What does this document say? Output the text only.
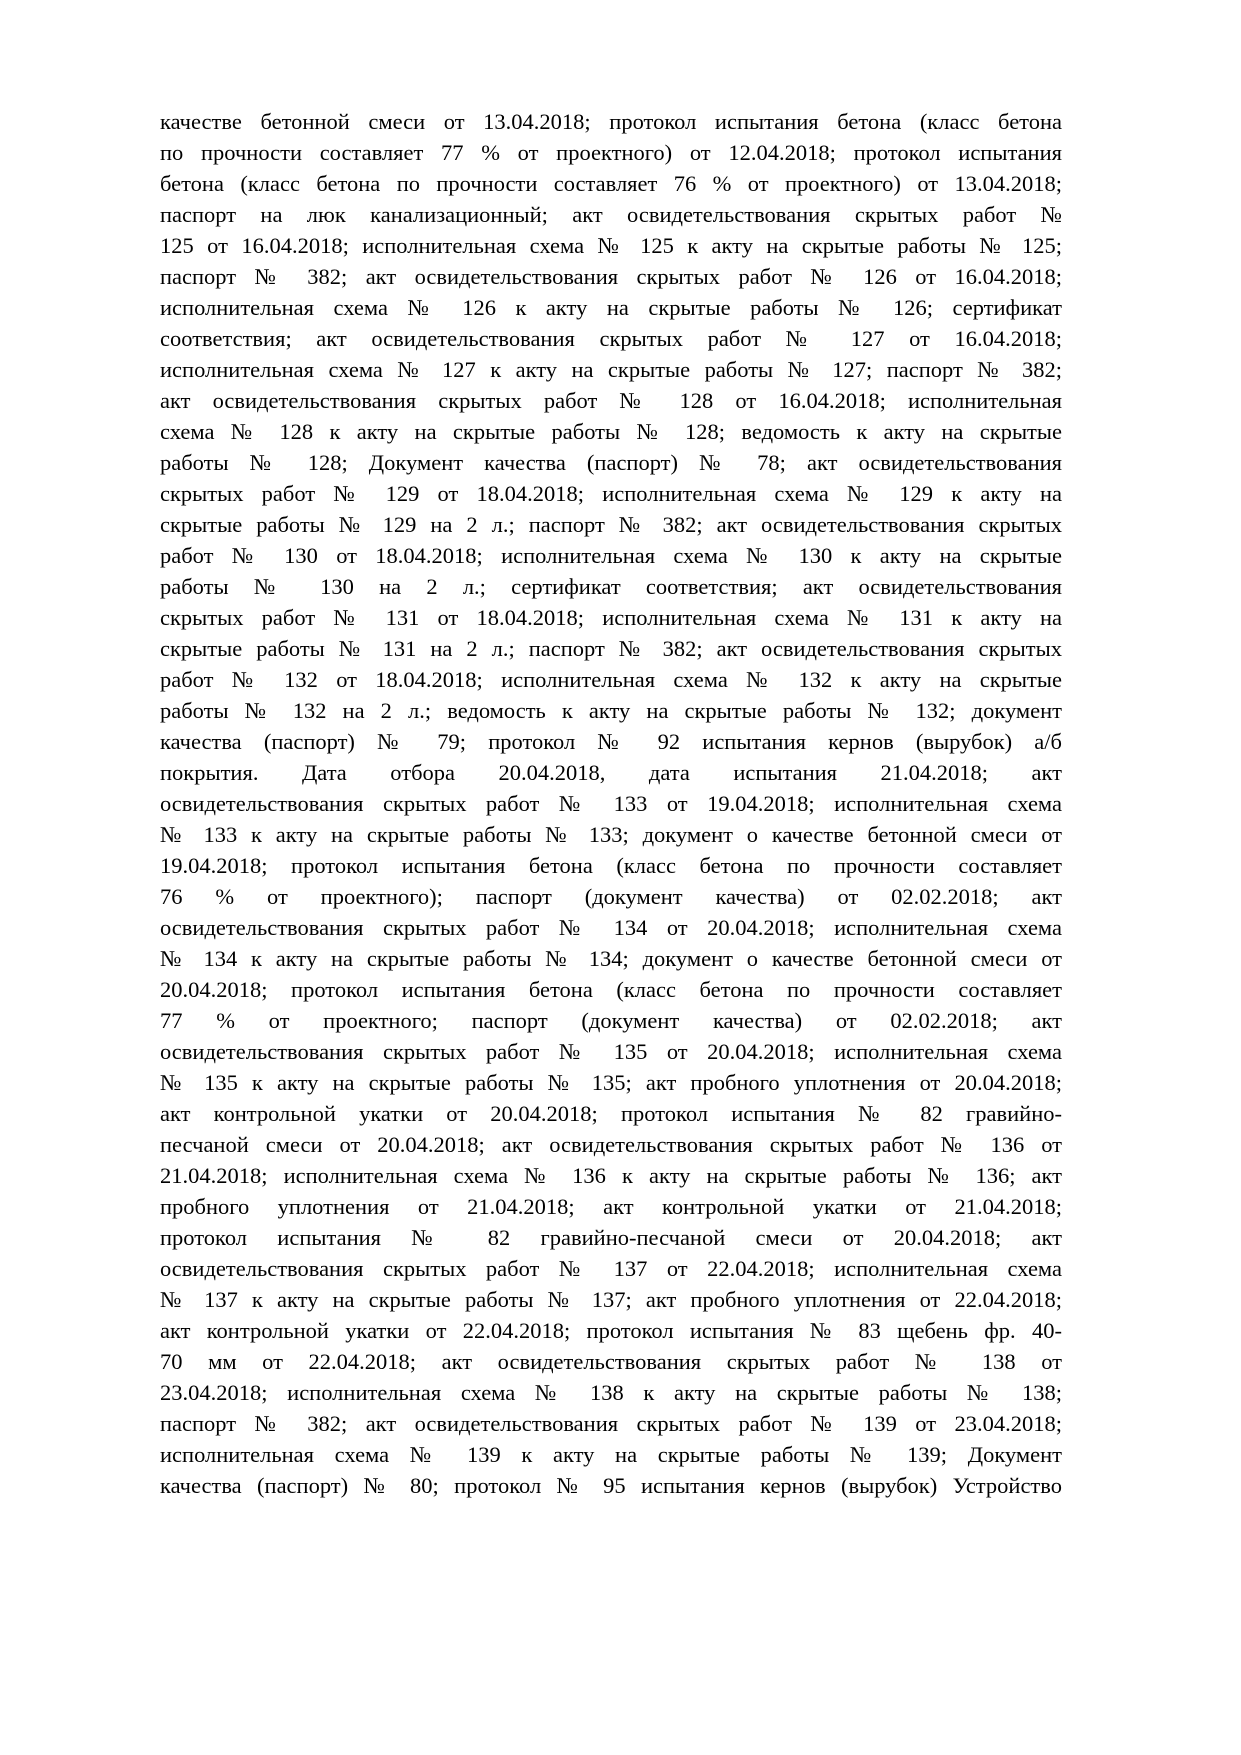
качестве бетонной смеси от 13.04.2018; протокол испытания бетона (класс бетона
по прочности составляет 77 % от проектного) от 12.04.2018; протокол испытания
бетона (класс бетона по прочности составляет 76 % от проектного) от 13.04.2018;
паспорт на люк канализационный; акт освидетельствования скрытых работ №
125 от 16.04.2018; исполнительная схема № 125 к акту на скрытые работы № 125;
паспорт № 382; акт освидетельствования скрытых работ № 126 от 16.04.2018;
исполнительная схема № 126 к акту на скрытые работы № 126; сертификат
соответствия; акт освидетельствования скрытых работ № 127 от 16.04.2018;
исполнительная схема № 127 к акту на скрытые работы № 127; паспорт № 382;
акт освидетельствования скрытых работ № 128 от 16.04.2018; исполнительная
схема № 128 к акту на скрытые работы № 128; ведомость к акту на скрытые
работы № 128; Документ качества (паспорт) № 78; акт освидетельствования
скрытых работ № 129 от 18.04.2018; исполнительная схема № 129 к акту на
скрытые работы № 129 на 2 л.; паспорт № 382; акт освидетельствования скрытых
работ № 130 от 18.04.2018; исполнительная схема № 130 к акту на скрытые
работы № 130 на 2 л.; сертификат соответствия; акт освидетельствования
скрытых работ № 131 от 18.04.2018; исполнительная схема № 131 к акту на
скрытые работы № 131 на 2 л.; паспорт № 382; акт освидетельствования скрытых
работ № 132 от 18.04.2018; исполнительная схема № 132 к акту на скрытые
работы № 132 на 2 л.; ведомость к акту на скрытые работы № 132; документ
качества (паспорт) № 79; протокол № 92 испытания кернов (вырубок) а/б
покрытия. Дата отбора 20.04.2018, дата испытания 21.04.2018; акт
освидетельствования скрытых работ № 133 от 19.04.2018; исполнительная схема
№ 133 к акту на скрытые работы № 133; документ о качестве бетонной смеси от
19.04.2018; протокол испытания бетона (класс бетона по прочности составляет
76 % от проектного); паспорт (документ качества) от 02.02.2018; акт
освидетельствования скрытых работ № 134 от 20.04.2018; исполнительная схема
№ 134 к акту на скрытые работы № 134; документ о качестве бетонной смеси от
20.04.2018; протокол испытания бетона (класс бетона по прочности составляет
77 % от проектного; паспорт (документ качества) от 02.02.2018; акт
освидетельствования скрытых работ № 135 от 20.04.2018; исполнительная схема
№ 135 к акту на скрытые работы № 135; акт пробного уплотнения от 20.04.2018;
акт контрольной укатки от 20.04.2018; протокол испытания № 82 гравийно-
песчаной смеси от 20.04.2018; акт освидетельствования скрытых работ № 136 от
21.04.2018; исполнительная схема № 136 к акту на скрытые работы № 136; акт
пробного уплотнения от 21.04.2018; акт контрольной укатки от 21.04.2018;
протокол испытания № 82 гравийно-песчаной смеси от 20.04.2018; акт
освидетельствования скрытых работ № 137 от 22.04.2018; исполнительная схема
№ 137 к акту на скрытые работы № 137; акт пробного уплотнения от 22.04.2018;
акт контрольной укатки от 22.04.2018; протокол испытания № 83 щебень фр. 40-
70 мм от 22.04.2018; акт освидетельствования скрытых работ № 138 от
23.04.2018; исполнительная схема № 138 к акту на скрытые работы № 138;
паспорт № 382; акт освидетельствования скрытых работ № 139 от 23.04.2018;
исполнительная схема № 139 к акту на скрытые работы № 139; Документ
качества (паспорт) № 80; протокол № 95 испытания кернов (вырубок) Устройство
